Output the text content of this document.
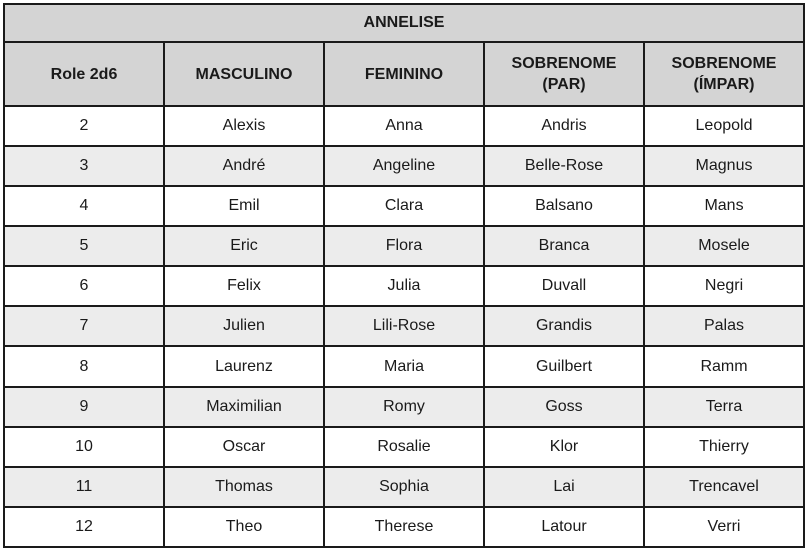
ANNELISE				
Role 2d6	MASCULINO	FEMININO	SOBRENOME (PAR)	SOBRENOME (ÍMPAR)
2	Alexis	Anna	Andris	Leopold
3	André	Angeline	Belle-Rose	Magnus
4	Emil	Clara	Balsano	Mans
5	Eric	Flora	Branca	Mosele
6	Felix	Julia	Duvall	Negri
7	Julien	Lili-Rose	Grandis	Palas
8	Laurenz	Maria	Guilbert	Ramm
9	Maximilian	Romy	Goss	Terra
10	Oscar	Rosalie	Klor	Thierry
11	Thomas	Sophia	Lai	Trencavel
12	Theo	Therese	Latour	Verri
